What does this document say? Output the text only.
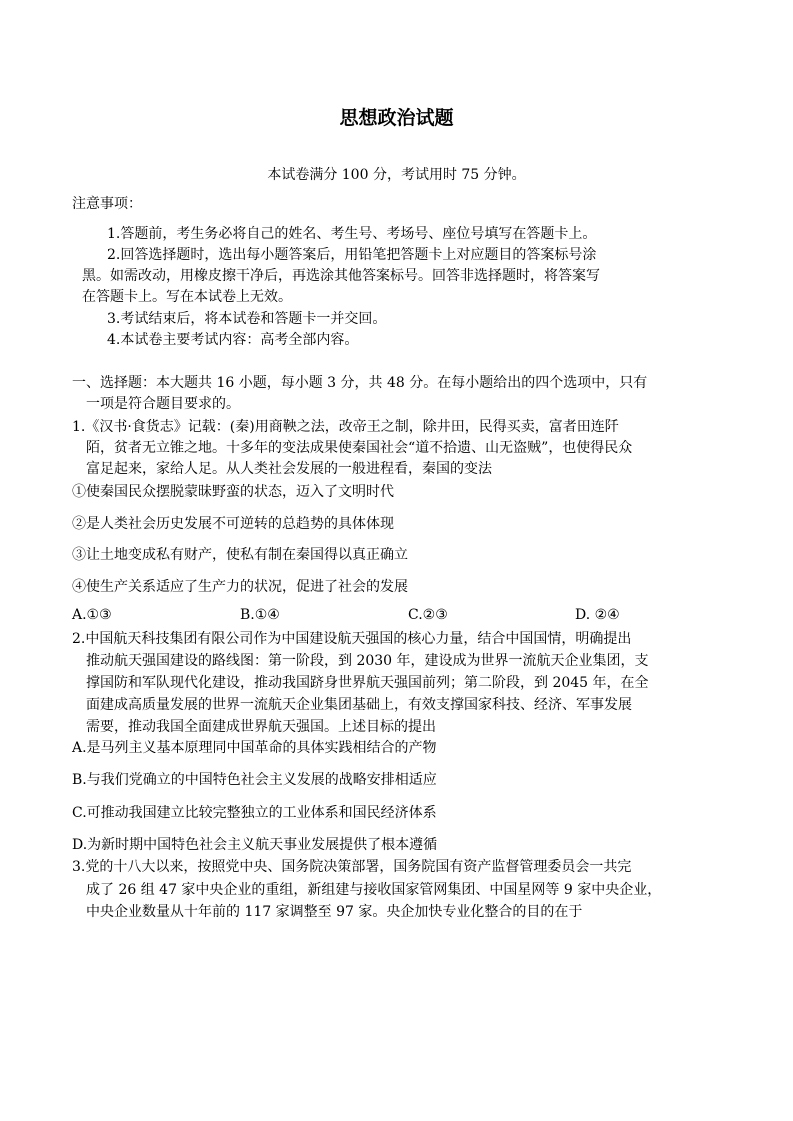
思想政治试题
本试卷满分 100 分，考试用时 75 分钟。
注意事项：
1.答题前，考生务必将自己的姓名、考生号、考场号、座位号填写在答题卡上。
2.回答选择题时，选出每小题答案后，用铅笔把答题卡上对应题目的答案标号涂
黑。如需改动，用橡皮擦干净后，再选涂其他答案标号。回答非选择题时，将答案写
在答题卡上。写在本试卷上无效。
3.考试结束后，将本试卷和答题卡一并交回。
4.本试卷主要考试内容：高考全部内容。
一、选择题：本大题共 16 小题，每小题 3 分，共 48 分。在每小题给出的四个选项中，只有
一项是符合题目要求的。
1.《汉书·食货志》记载：(秦)用商鞅之法，改帝王之制，除井田，民得买卖，富者田连阡
陌，贫者无立锥之地。十多年的变法成果使秦国社会“道不拾遗、山无盗贼”，也使得民众
富足起来，家给人足。从人类社会发展的一般进程看，秦国的变法
①使秦国民众摆脱蒙昧野蛮的状态，迈入了文明时代
②是人类社会历史发展不可逆转的总趋势的具体体现
③让土地变成私有财产，使私有制在秦国得以真正确立
④使生产关系适应了生产力的状况，促进了社会的发展
A.①③	B.①④	C.②③	D. ②④
2.中国航天科技集团有限公司作为中国建设航天强国的核心力量，结合中国国情，明确提出
推动航天强国建设的路线图：第一阶段，到 2030 年，建设成为世界一流航天企业集团，支
撑国防和军队现代化建设，推动我国跻身世界航天强国前列；第二阶段，到 2045 年，在全
面建成高质量发展的世界一流航天企业集团基础上，有效支撑国家科技、经济、军事发展
需要，推动我国全面建成世界航天强国。上述目标的提出
A.是马列主义基本原理同中国革命的具体实践相结合的产物
B.与我们党确立的中国特色社会主义发展的战略安排相适应
C.可推动我国建立比较完整独立的工业体系和国民经济体系
D.为新时期中国特色社会主义航天事业发展提供了根本遵循
3.党的十八大以来，按照党中央、国务院决策部署，国务院国有资产监督管理委员会一共完
成了 26 组 47 家中央企业的重组，新组建与接收国家管网集团、中国星网等 9 家中央企业，
中央企业数量从十年前的 117 家调整至 97 家。央企加快专业化整合的目的在于
